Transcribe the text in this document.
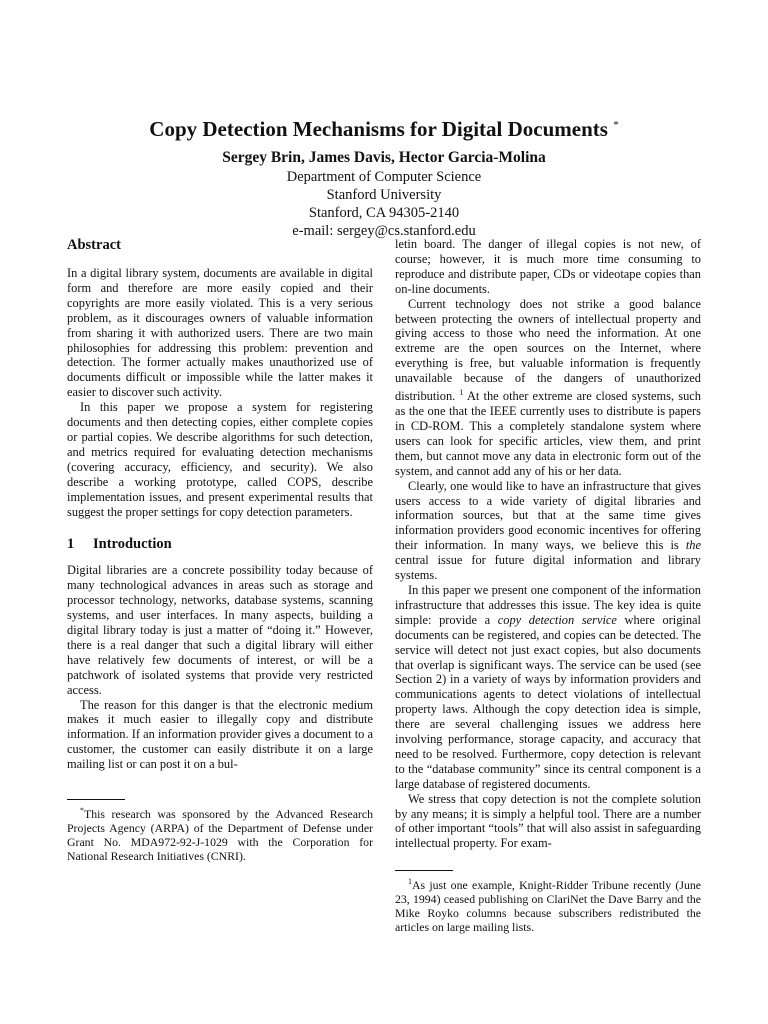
Copy Detection Mechanisms for Digital Documents *
Sergey Brin, James Davis, Hector Garcia-Molina
Department of Computer Science
Stanford University
Stanford, CA 94305-2140
e-mail: sergey@cs.stanford.edu
Abstract

In a digital library system, documents are available in digital form and therefore are more easily copied and their copyrights are more easily violated. This is a very serious problem, as it discourages owners of valuable information from sharing it with authorized users. There are two main philosophies for addressing this problem: prevention and detection. The former actually makes unauthorized use of documents difficult or impossible while the latter makes it easier to discover such activity.

In this paper we propose a system for registering documents and then detecting copies, either complete copies or partial copies. We describe algorithms for such detection, and metrics required for evaluating detection mechanisms (covering accuracy, efficiency, and security). We also describe a working prototype, called COPS, describe implementation issues, and present experimental results that suggest the proper settings for copy detection parameters.

1 Introduction

Digital libraries are a concrete possibility today because of many technological advances in areas such as storage and processor technology, networks, database systems, scanning systems, and user interfaces. In many aspects, building a digital library today is just a matter of “doing it.” However, there is a real danger that such a digital library will either have relatively few documents of interest, or will be a patchwork of isolated systems that provide very restricted access.

The reason for this danger is that the electronic medium makes it much easier to illegally copy and distribute information. If an information provider gives a document to a customer, the customer can easily distribute it on a large mailing list or can post it on a bul-

*This research was sponsored by the Advanced Research Projects Agency (ARPA) of the Department of Defense under Grant No. MDA972-92-J-1029 with the Corporation for National Research Initiatives (CNRI).

letin board. The danger of illegal copies is not new, of course; however, it is much more time consuming to reproduce and distribute paper, CDs or videotape copies than on-line documents.

Current technology does not strike a good balance between protecting the owners of intellectual property and giving access to those who need the information. At one extreme are the open sources on the Internet, where everything is free, but valuable information is frequently unavailable because of the dangers of unauthorized distribution. $^1$ At the other extreme are closed systems, such as the one that the IEEE currently uses to distribute is papers in CD-ROM. This a completely standalone system where users can look for specific articles, view them, and print them, but cannot move any data in electronic form out of the system, and cannot add any of his or her data.

Clearly, one would like to have an infrastructure that gives users access to a wide variety of digital libraries and information sources, but that at the same time gives information providers good economic incentives for offering their information. In many ways, we believe this is the central issue for future digital information and library systems.

In this paper we present one component of the information infrastructure that addresses this issue. The key idea is quite simple: provide a copy detection service where original documents can be registered, and copies can be detected. The service will detect not just exact copies, but also documents that overlap is significant ways. The service can be used (see Section 2) in a variety of ways by information providers and communications agents to detect violations of intellectual property laws. Although the copy detection idea is simple, there are several challenging issues we address here involving performance, storage capacity, and accuracy that need to be resolved. Furthermore, copy detection is relevant to the “database community” since its central component is a large database of registered documents.

We stress that copy detection is not the complete solution by any means; it is simply a helpful tool. There are a number of other important “tools” that will also assist in safeguarding intellectual property. For exam-

$^1$As just one example, Knight-Ridder Tribune recently (June 23, 1994) ceased publishing on ClariNet the Dave Barry and the Mike Royko columns because subscribers redistributed the articles on large mailing lists.
